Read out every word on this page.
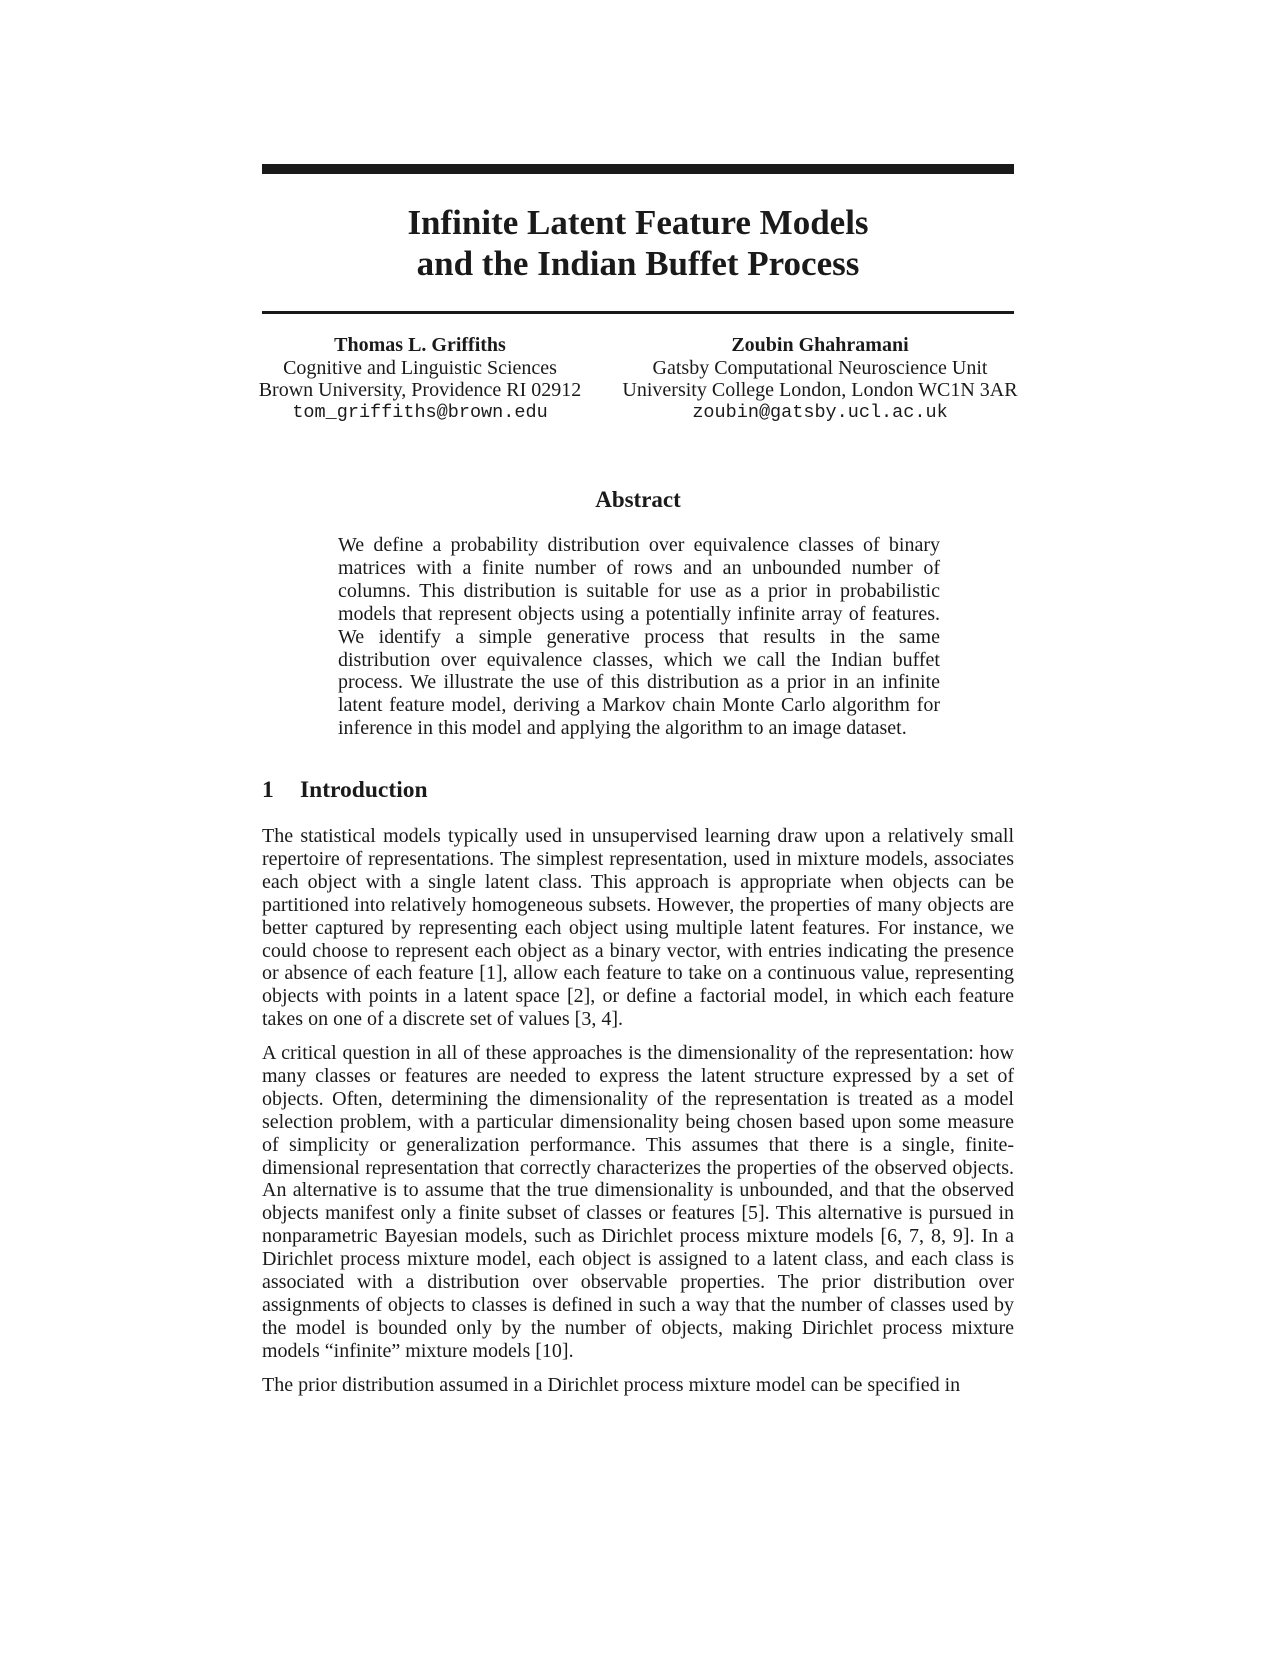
Infinite Latent Feature Models
and the Indian Buffet Process
Thomas L. Griffiths
Cognitive and Linguistic Sciences
Brown University, Providence RI 02912
tom_griffiths@brown.edu
Zoubin Ghahramani
Gatsby Computational Neuroscience Unit
University College London, London WC1N 3AR
zoubin@gatsby.ucl.ac.uk
Abstract
We define a probability distribution over equivalence classes of binary matrices with a finite number of rows and an unbounded number of columns. This distribution is suitable for use as a prior in probabilistic models that represent objects using a potentially infinite array of features. We identify a simple generative process that results in the same distribution over equivalence classes, which we call the Indian buffet process. We illustrate the use of this distribution as a prior in an infinite latent feature model, deriving a Markov chain Monte Carlo algorithm for inference in this model and applying the algorithm to an image dataset.
1 Introduction
The statistical models typically used in unsupervised learning draw upon a relatively small repertoire of representations. The simplest representation, used in mixture models, associates each object with a single latent class. This approach is appropriate when objects can be partitioned into relatively homogeneous subsets. However, the properties of many objects are better captured by representing each object using multiple latent features. For instance, we could choose to represent each object as a binary vector, with entries indicating the presence or absence of each feature [1], allow each feature to take on a continuous value, representing objects with points in a latent space [2], or define a factorial model, in which each feature takes on one of a discrete set of values [3, 4].
A critical question in all of these approaches is the dimensionality of the representation: how many classes or features are needed to express the latent structure expressed by a set of objects. Often, determining the dimensionality of the representation is treated as a model selection problem, with a particular dimensionality being chosen based upon some measure of simplicity or generalization performance. This assumes that there is a single, finite-dimensional representation that correctly characterizes the properties of the observed objects. An alternative is to assume that the true dimensionality is unbounded, and that the observed objects manifest only a finite subset of classes or features [5]. This alternative is pursued in nonparametric Bayesian models, such as Dirichlet process mixture models [6, 7, 8, 9]. In a Dirichlet process mixture model, each object is assigned to a latent class, and each class is associated with a distribution over observable properties. The prior distribution over assignments of objects to classes is defined in such a way that the number of classes used by the model is bounded only by the number of objects, making Dirichlet process mixture models “infinite” mixture models [10].
The prior distribution assumed in a Dirichlet process mixture model can be specified in
